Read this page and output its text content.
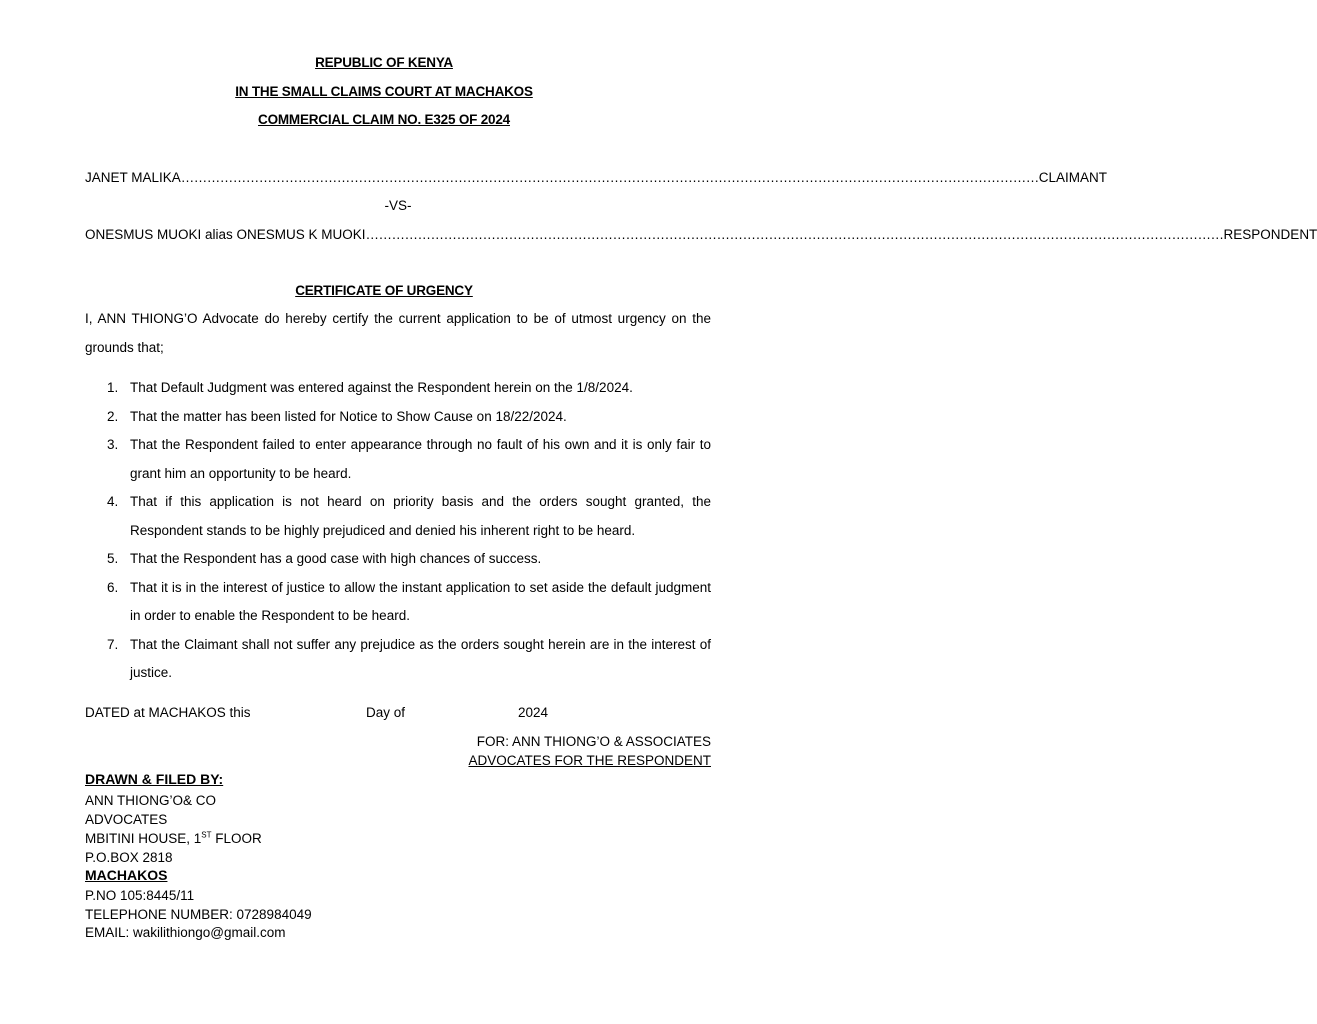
REPUBLIC OF KENYA
IN THE SMALL CLAIMS COURT AT MACHAKOS
COMMERCIAL CLAIM NO. E325 OF 2024
JANET MALIKA ……………………………………………………………………………………………………………………………………………………………………………… CLAIMANT
-VS-
ONESMUS MUOKI alias ONESMUS K MUOKI ……………………………………………………………………………………………………………………………………………………………………………… RESPONDENT
CERTIFICATE OF URGENCY
I, ANN THIONG’O Advocate do hereby certify the current application to be of utmost urgency on the grounds that;
1. That Default Judgment was entered against the Respondent herein on the 1/8/2024.
2. That the matter has been listed for Notice to Show Cause on 18/22/2024.
3. That the Respondent failed to enter appearance through no fault of his own and it is only fair to grant him an opportunity to be heard.
4. That if this application is not heard on priority basis and the orders sought granted, the Respondent stands to be highly prejudiced and denied his inherent right to be heard.
5. That the Respondent has a good case with high chances of success.
6. That it is in the interest of justice to allow the instant application to set aside the default judgment in order to enable the Respondent to be heard.
7. That the Claimant shall not suffer any prejudice as the orders sought herein are in the interest of justice.
DATED at MACHAKOS this	Day of	2024
FOR: ANN THIONG’O & ASSOCIATES
ADVOCATES FOR THE RESPONDENT
DRAWN & FILED BY:
ANN THIONG’O& CO
ADVOCATES
MBITINI HOUSE, 1ST FLOOR
P.O.BOX 2818
MACHAKOS
P.NO 105:8445/11
TELEPHONE NUMBER: 0728984049
EMAIL: wakilithiongo@gmail.com
